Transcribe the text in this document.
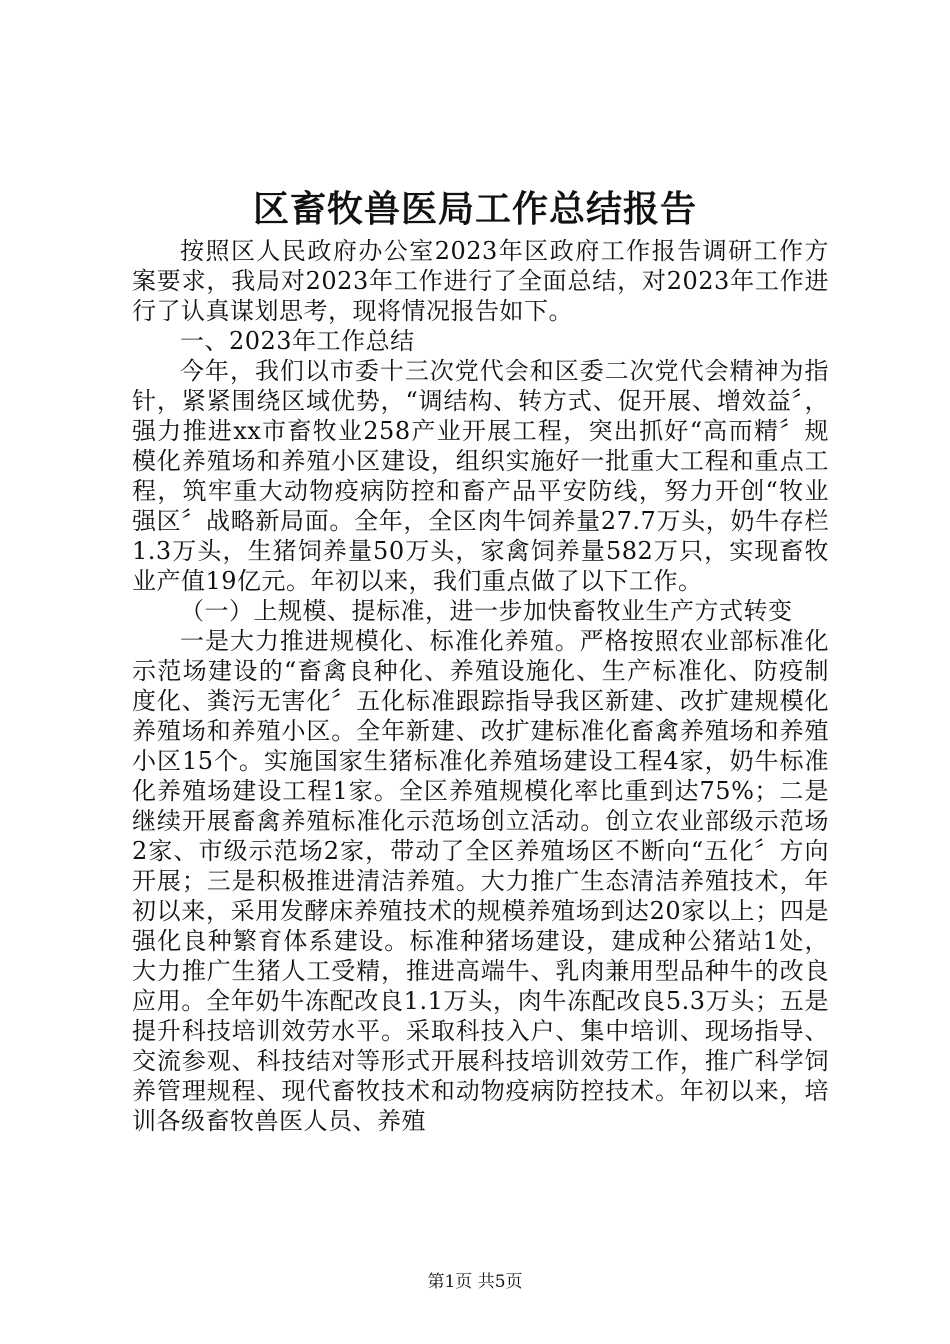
区畜牧兽医局工作总结报告

按照区人民政府办公室2023年区政府工作报告调研工作方案要求，我局对2023年工作进行了全面总结，对2023年工作进行了认真谋划思考，现将情况报告如下。

一、2023年工作总结

今年，我们以市委十三次党代会和区委二次党代会精神为指针，紧紧围绕区域优势，“调结构、转方式、促开展、增效益〞，强力推进xx市畜牧业258产业开展工程，突出抓好“高而精〞规模化养殖场和养殖小区建设，组织实施好一批重大工程和重点工程，筑牢重大动物疫病防控和畜产品平安防线，努力开创“牧业强区〞战略新局面。全年，全区肉牛饲养量27.7万头，奶牛存栏1.3万头，生猪饲养量50万头，家禽饲养量582万只，实现畜牧业产值19亿元。年初以来，我们重点做了以下工作。

（一）上规模、提标准，进一步加快畜牧业生产方式转变

一是大力推进规模化、标准化养殖。严格按照农业部标准化示范场建设的“畜禽良种化、养殖设施化、生产标准化、防疫制度化、粪污无害化〞五化标准跟踪指导我区新建、改扩建规模化养殖场和养殖小区。全年新建、改扩建标准化畜禽养殖场和养殖小区15个。实施国家生猪标准化养殖场建设工程4家，奶牛标准化养殖场建设工程1家。全区养殖规模化率比重到达75%；二是继续开展畜禽养殖标准化示范场创立活动。创立农业部级示范场2家、市级示范场2家，带动了全区养殖场区不断向“五化〞方向开展；三是积极推进清洁养殖。大力推广生态清洁养殖技术，年初以来，采用发酵床养殖技术的规模养殖场到达20家以上；四是强化良种繁育体系建设。标准种猪场建设，建成种公猪站1处，大力推广生猪人工受精，推进高端牛、乳肉兼用型品种牛的改良应用。全年奶牛冻配改良1.1万头，肉牛冻配改良5.3万头；五是提升科技培训效劳水平。采取科技入户、集中培训、现场指导、交流参观、科技结对等形式开展科技培训效劳工作，推广科学饲养管理规程、现代畜牧技术和动物疫病防控技术。年初以来，培训各级畜牧兽医人员、养殖

第1页 共5页
